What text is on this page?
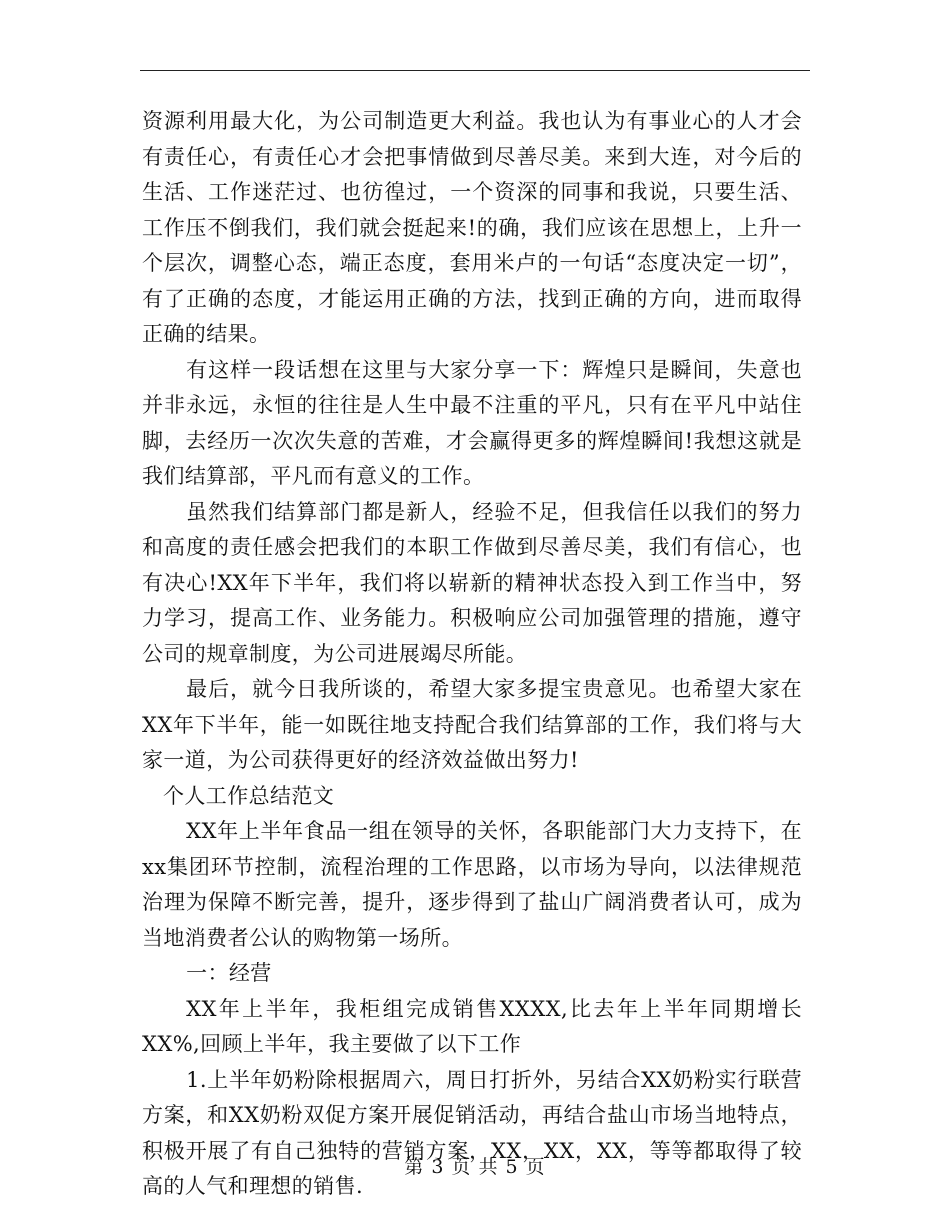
资源利用最大化，为公司制造更大利益。我也认为有事业心的人才会有责任心，有责任心才会把事情做到尽善尽美。来到大连，对今后的生活、工作迷茫过、也彷徨过，一个资深的同事和我说，只要生活、工作压不倒我们，我们就会挺起来!的确，我们应该在思想上，上升一个层次，调整心态，端正态度，套用米卢的一句话“态度决定一切”，有了正确的态度，才能运用正确的方法，找到正确的方向，进而取得正确的结果。

有这样一段话想在这里与大家分享一下：辉煌只是瞬间，失意也并非永远，永恒的往往是人生中最不注重的平凡，只有在平凡中站住脚，去经历一次次失意的苦难，才会赢得更多的辉煌瞬间!我想这就是我们结算部，平凡而有意义的工作。

虽然我们结算部门都是新人，经验不足，但我信任以我们的努力和高度的责任感会把我们的本职工作做到尽善尽美，我们有信心，也有决心!XX年下半年，我们将以崭新的精神状态投入到工作当中，努力学习，提高工作、业务能力。积极响应公司加强管理的措施，遵守公司的规章制度，为公司进展竭尽所能。

最后，就今日我所谈的，希望大家多提宝贵意见。也希望大家在XX年下半年，能一如既往地支持配合我们结算部的工作，我们将与大家一道，为公司获得更好的经济效益做出努力!

个人工作总结范文

XX年上半年食品一组在领导的关怀，各职能部门大力支持下，在xx集团环节控制，流程治理的工作思路，以市场为导向，以法律规范治理为保障不断完善，提升，逐步得到了盐山广阔消费者认可，成为当地消费者公认的购物第一场所。

一：经营

XX年上半年，我柜组完成销售XXXX,比去年上半年同期增长XX%,回顾上半年，我主要做了以下工作

1.上半年奶粉除根据周六，周日打折外，另结合XX奶粉实行联营方案，和XX奶粉双促方案开展促销活动，再结合盐山市场当地特点，积极开展了有自己独特的营销方案，XX，XX，XX，等等都取得了较高的人气和理想的销售.

第 3 页 共 5 页
